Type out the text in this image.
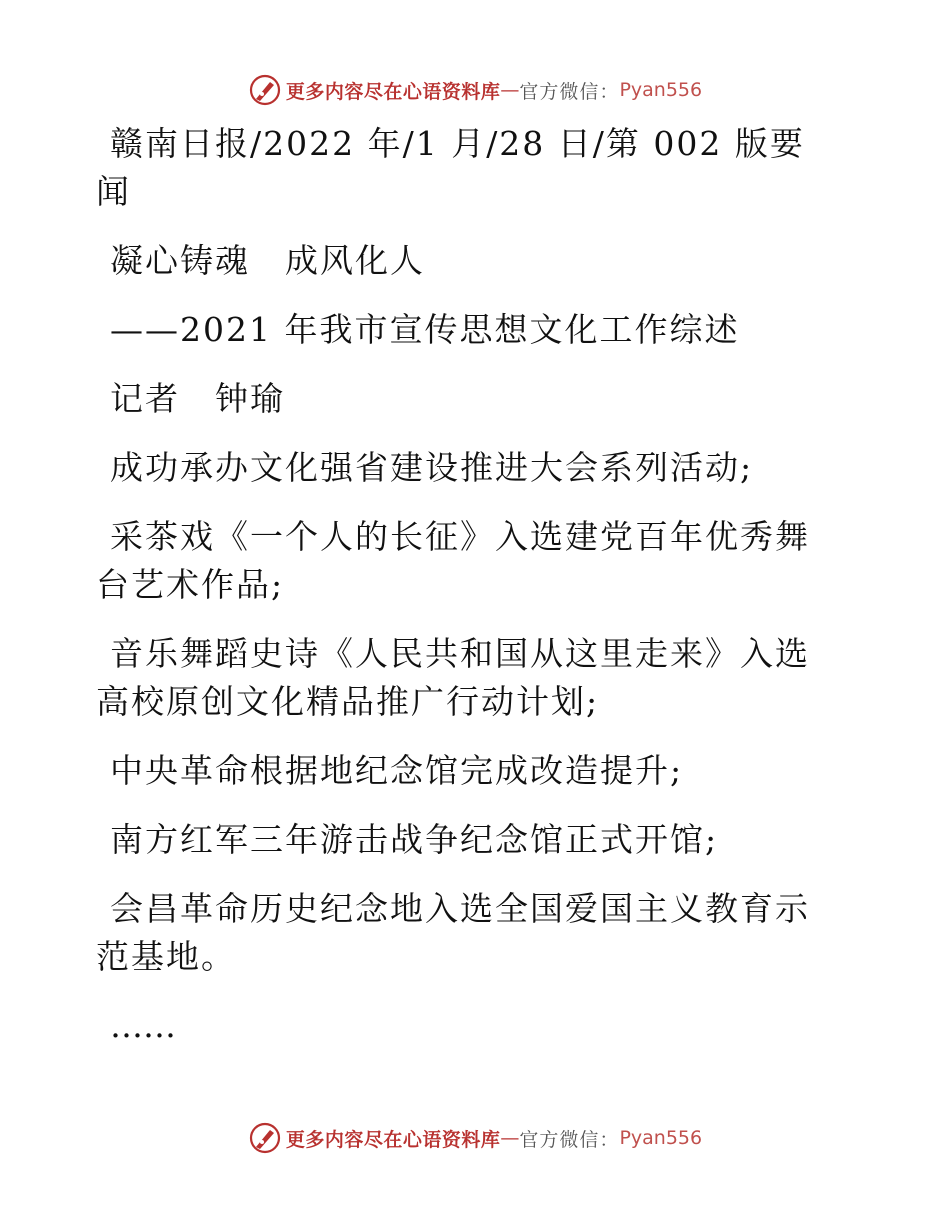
更多内容尽在心语资料库 — 官方微信： Pyan556

赣南日报/2022 年/1 月/28 日/第 002 版要闻

凝心铸魂　成风化人

——2021 年我市宣传思想文化工作综述

记者　钟瑜

成功承办文化强省建设推进大会系列活动;

采茶戏《一个人的长征》入选建党百年优秀舞台艺术作品;

音乐舞蹈史诗《人民共和国从这里走来》入选高校原创文化精品推广行动计划;

中央革命根据地纪念馆完成改造提升;

南方红军三年游击战争纪念馆正式开馆;

会昌革命历史纪念地入选全国爱国主义教育示范基地。

……

更多内容尽在心语资料库 — 官方微信： Pyan556
